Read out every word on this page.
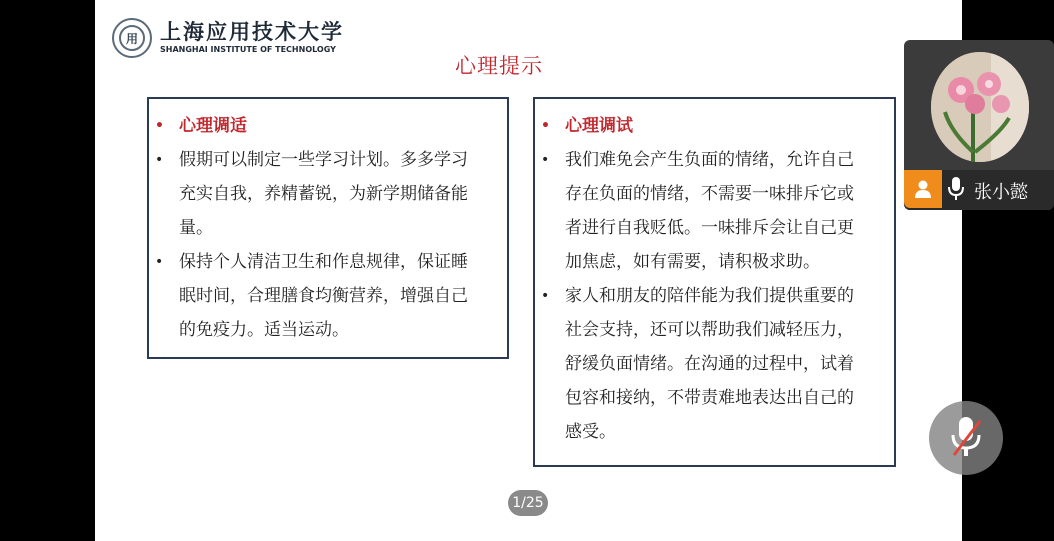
用	上海应用技术大学
SHANGHAI INSTITUTE OF TECHNOLOGY
心理提示
• 心理调适
• 假期可以制定一些学习计划。多多学习
充实自我，养精蓄锐，为新学期储备能
量。
• 保持个人清洁卫生和作息规律，保证睡
眠时间，合理膳食均衡营养，增强自己
的免疫力。适当运动。
• 心理调试
• 我们难免会产生负面的情绪，允许自己
存在负面的情绪，不需要一味排斥它或
者进行自我贬低。一味排斥会让自己更
加焦虑，如有需要，请积极求助。
• 家人和朋友的陪伴能为我们提供重要的
社会支持，还可以帮助我们减轻压力，
舒缓负面情绪。在沟通的过程中，试着
包容和接纳，不带责难地表达出自己的
感受。
1/25
张小懿
